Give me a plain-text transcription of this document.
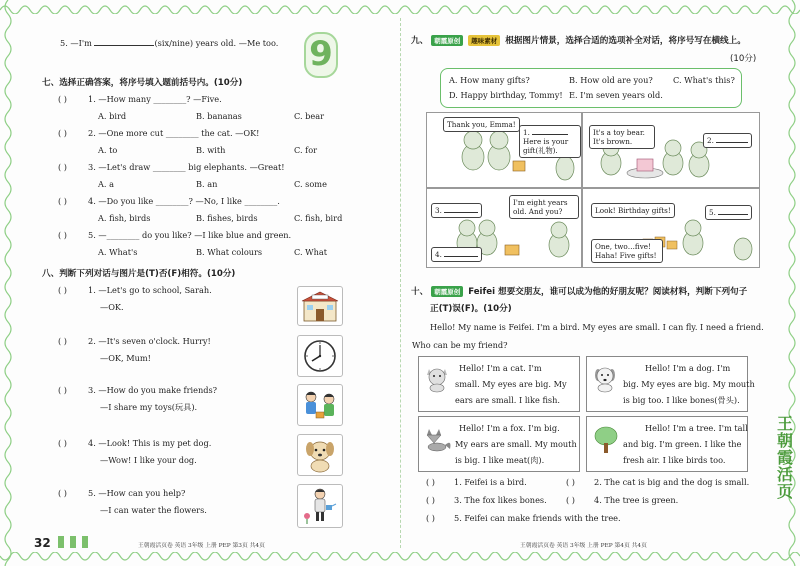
5. —I'm	(six/nine) years old. —Me too. 9
七、选择正确答案，将序号填入题前括号内。(10分)
( )	1. —How many ________? —Five.
A. bird	B. bananas	C. bear
( )	2. —One more cut ________ the cat. —OK!
A. to	B. with	C. for
( )	3. —Let's draw ________ big elephants. —Great!
A. a	B. an	C. some
( )	4. —Do you like ________? —No, I like ________.
A. fish, birds	B. fishes, birds	C. fish, bird
( )	5. —________ do you like? —I like blue and green.
A. What's	B. What colours	C. What
八、判断下列对话与图片是(T)否(F)相符。(10分)
( )	1. —Let's go to school, Sarah.
—OK.
( )	2. —It's seven o'clock. Hurry!
—OK, Mum!
( )	3. —How do you make friends?
—I share my toys(玩具).
( )	4. —Look! This is my pet dog.
—Wow! I like your dog.
( )	5. —How can you help?
—I can water the flowers.
32	王朝霞活页卷 英语 3年级 上册 PEP 第3页 共4页
九、 朝霞原创 趣味素材 根据图片情景，选择合适的选项补全对话，将序号写在横线上。
(10分)
A. How many gifts?	B. How old are you? C. What's this?
D. Happy birthday, Tommy! E. I'm seven years old.
Thank you, Emma!
1.
Here is your
gift(礼物).
It's a toy bear.
It's brown.	2.
3.
I'm eight years
old. And you?
4.
Look! Birthday gifts!	5.
One, two…five!
Haha! Five gifts!
十、 朝霞原创 Feifei 想要交朋友，谁可以成为他的好朋友呢？阅读材料，判断下列句子
正(T)误(F)。(10分)
Hello! My name is Feifei. I'm a bird. My eyes are small. I can fly. I need a friend.
Who can be my friend?
Hello! I'm a cat. I'm
small. My eyes are big. My
ears are small. I like fish.
Hello! I'm a dog. I'm
big. My eyes are big. My mouth
is big too. I like bones(骨头).
Hello! I'm a fox. I'm big.
My ears are small. My mouth
is big. I like meat(肉).
Hello! I'm a tree. I'm tall
and big. I'm green. I like the
fresh air. I like birds too.
( ) 1. Feifei is a bird.	( ) 2. The cat is big and the dog is small.
( ) 3. The fox likes bones. ( ) 4. The tree is green.
( ) 5. Feifei can make friends with the tree.
王朝霞活页卷 英语 3年级 上册 PEP 第4页 共4页
王朝霞活页
